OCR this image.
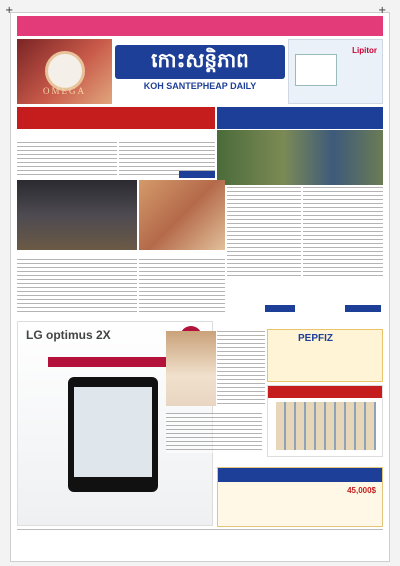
OMEGA
កោះសន្តិភាព
KOH SANTEPHEAP DAILY
Lipitor
LG optimus 2X	PEPFIZ
45,000$
+	+
